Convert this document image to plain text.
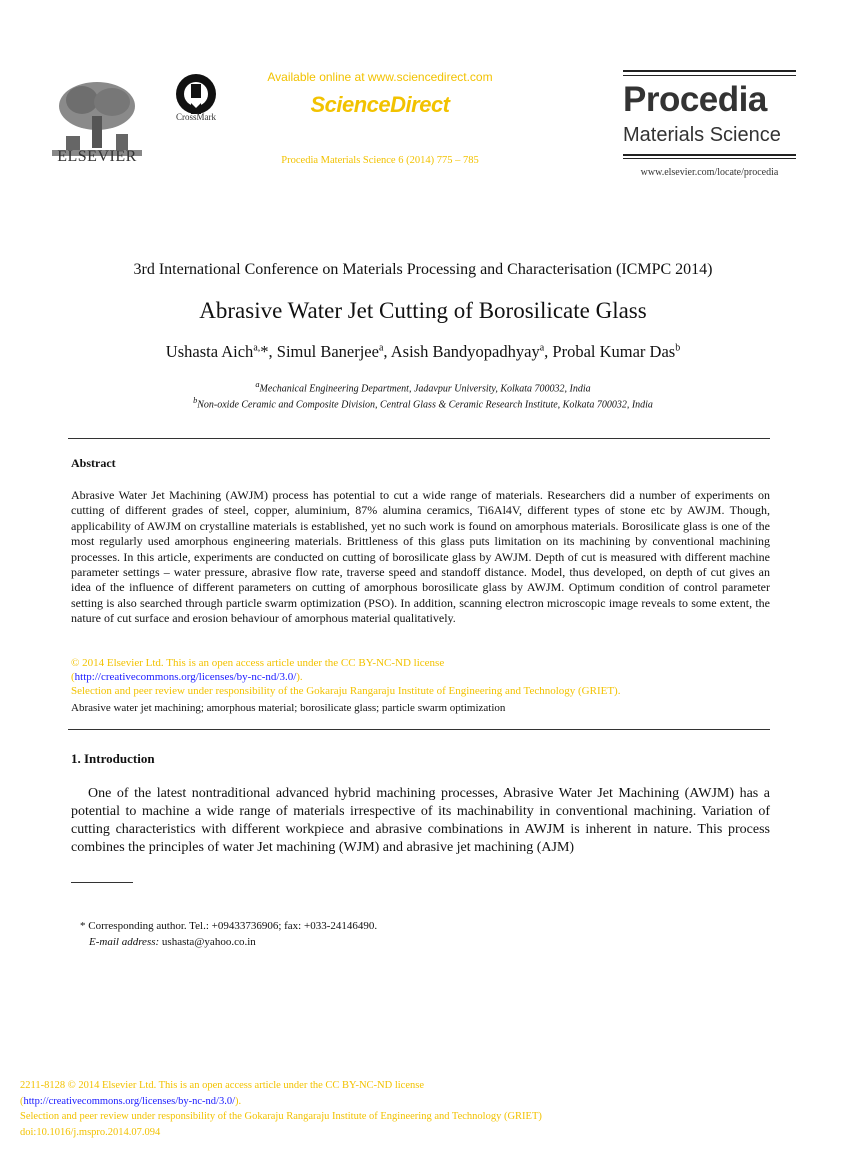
ELSEVIER
CrossMark
Available online at www.sciencedirect.com
ScienceDirect
Procedia Materials Science 6 (2014) 775 – 785
Procedia
Materials Science
www.elsevier.com/locate/procedia
3rd International Conference on Materials Processing and Characterisation (ICMPC 2014)
Abrasive Water Jet Cutting of Borosilicate Glass
Ushasta Aich$^{a,}$*, Simul Banerjee$^a$, Asish Bandyopadhyay$^a$, Probal Kumar Das$^b$
$^a$Mechanical Engineering Department, Jadavpur University, Kolkata 700032, India
$^b$Non-oxide Ceramic and Composite Division, Central Glass & Ceramic Research Institute, Kolkata 700032, India
Abstract
Abrasive Water Jet Machining (AWJM) process has potential to cut a wide range of materials. Researchers did a number of experiments on cutting of different grades of steel, copper, aluminium, 87% alumina ceramics, Ti6Al4V, different types of stone etc by AWJM. Though, applicability of AWJM on crystalline materials is established, yet no such work is found on amorphous materials. Borosilicate glass is one of the most regularly used amorphous engineering materials. Brittleness of this glass puts limitation on its machining by conventional machining processes. In this article, experiments are conducted on cutting of borosilicate glass by AWJM. Depth of cut is measured with different machine parameter settings – water pressure, abrasive flow rate, traverse speed and standoff distance. Model, thus developed, on depth of cut gives an idea of the influence of different parameters on cutting of amorphous borosilicate glass by AWJM. Optimum condition of control parameter setting is also searched through particle swarm optimization (PSO). In addition, scanning electron microscopic image reveals to some extent, the nature of cut surface and erosion behaviour of amorphous material qualitatively.
© 2014 Elsevier Ltd. This is an open access article under the CC BY-NC-ND license
(http://creativecommons.org/licenses/by-nc-nd/3.0/).
Selection and peer review under responsibility of the Gokaraju Rangaraju Institute of Engineering and Technology (GRIET).
Abrasive water jet machining; amorphous material; borosilicate glass; particle swarm optimization
1. Introduction
One of the latest nontraditional advanced hybrid machining processes, Abrasive Water Jet Machining (AWJM) has a potential to machine a wide range of materials irrespective of its machinability in conventional machining. Variation of cutting characteristics with different workpiece and abrasive combinations in AWJM is inherent in nature. This process combines the principles of water Jet machining (WJM) and abrasive jet machining (AJM)
* Corresponding author. Tel.: +09433736906; fax: +033-24146490.
E-mail address: ushasta@yahoo.co.in
2211-8128 © 2014 Elsevier Ltd. This is an open access article under the CC BY-NC-ND license
(http://creativecommons.org/licenses/by-nc-nd/3.0/).
Selection and peer review under responsibility of the Gokaraju Rangaraju Institute of Engineering and Technology (GRIET)
doi:10.1016/j.mspro.2014.07.094
